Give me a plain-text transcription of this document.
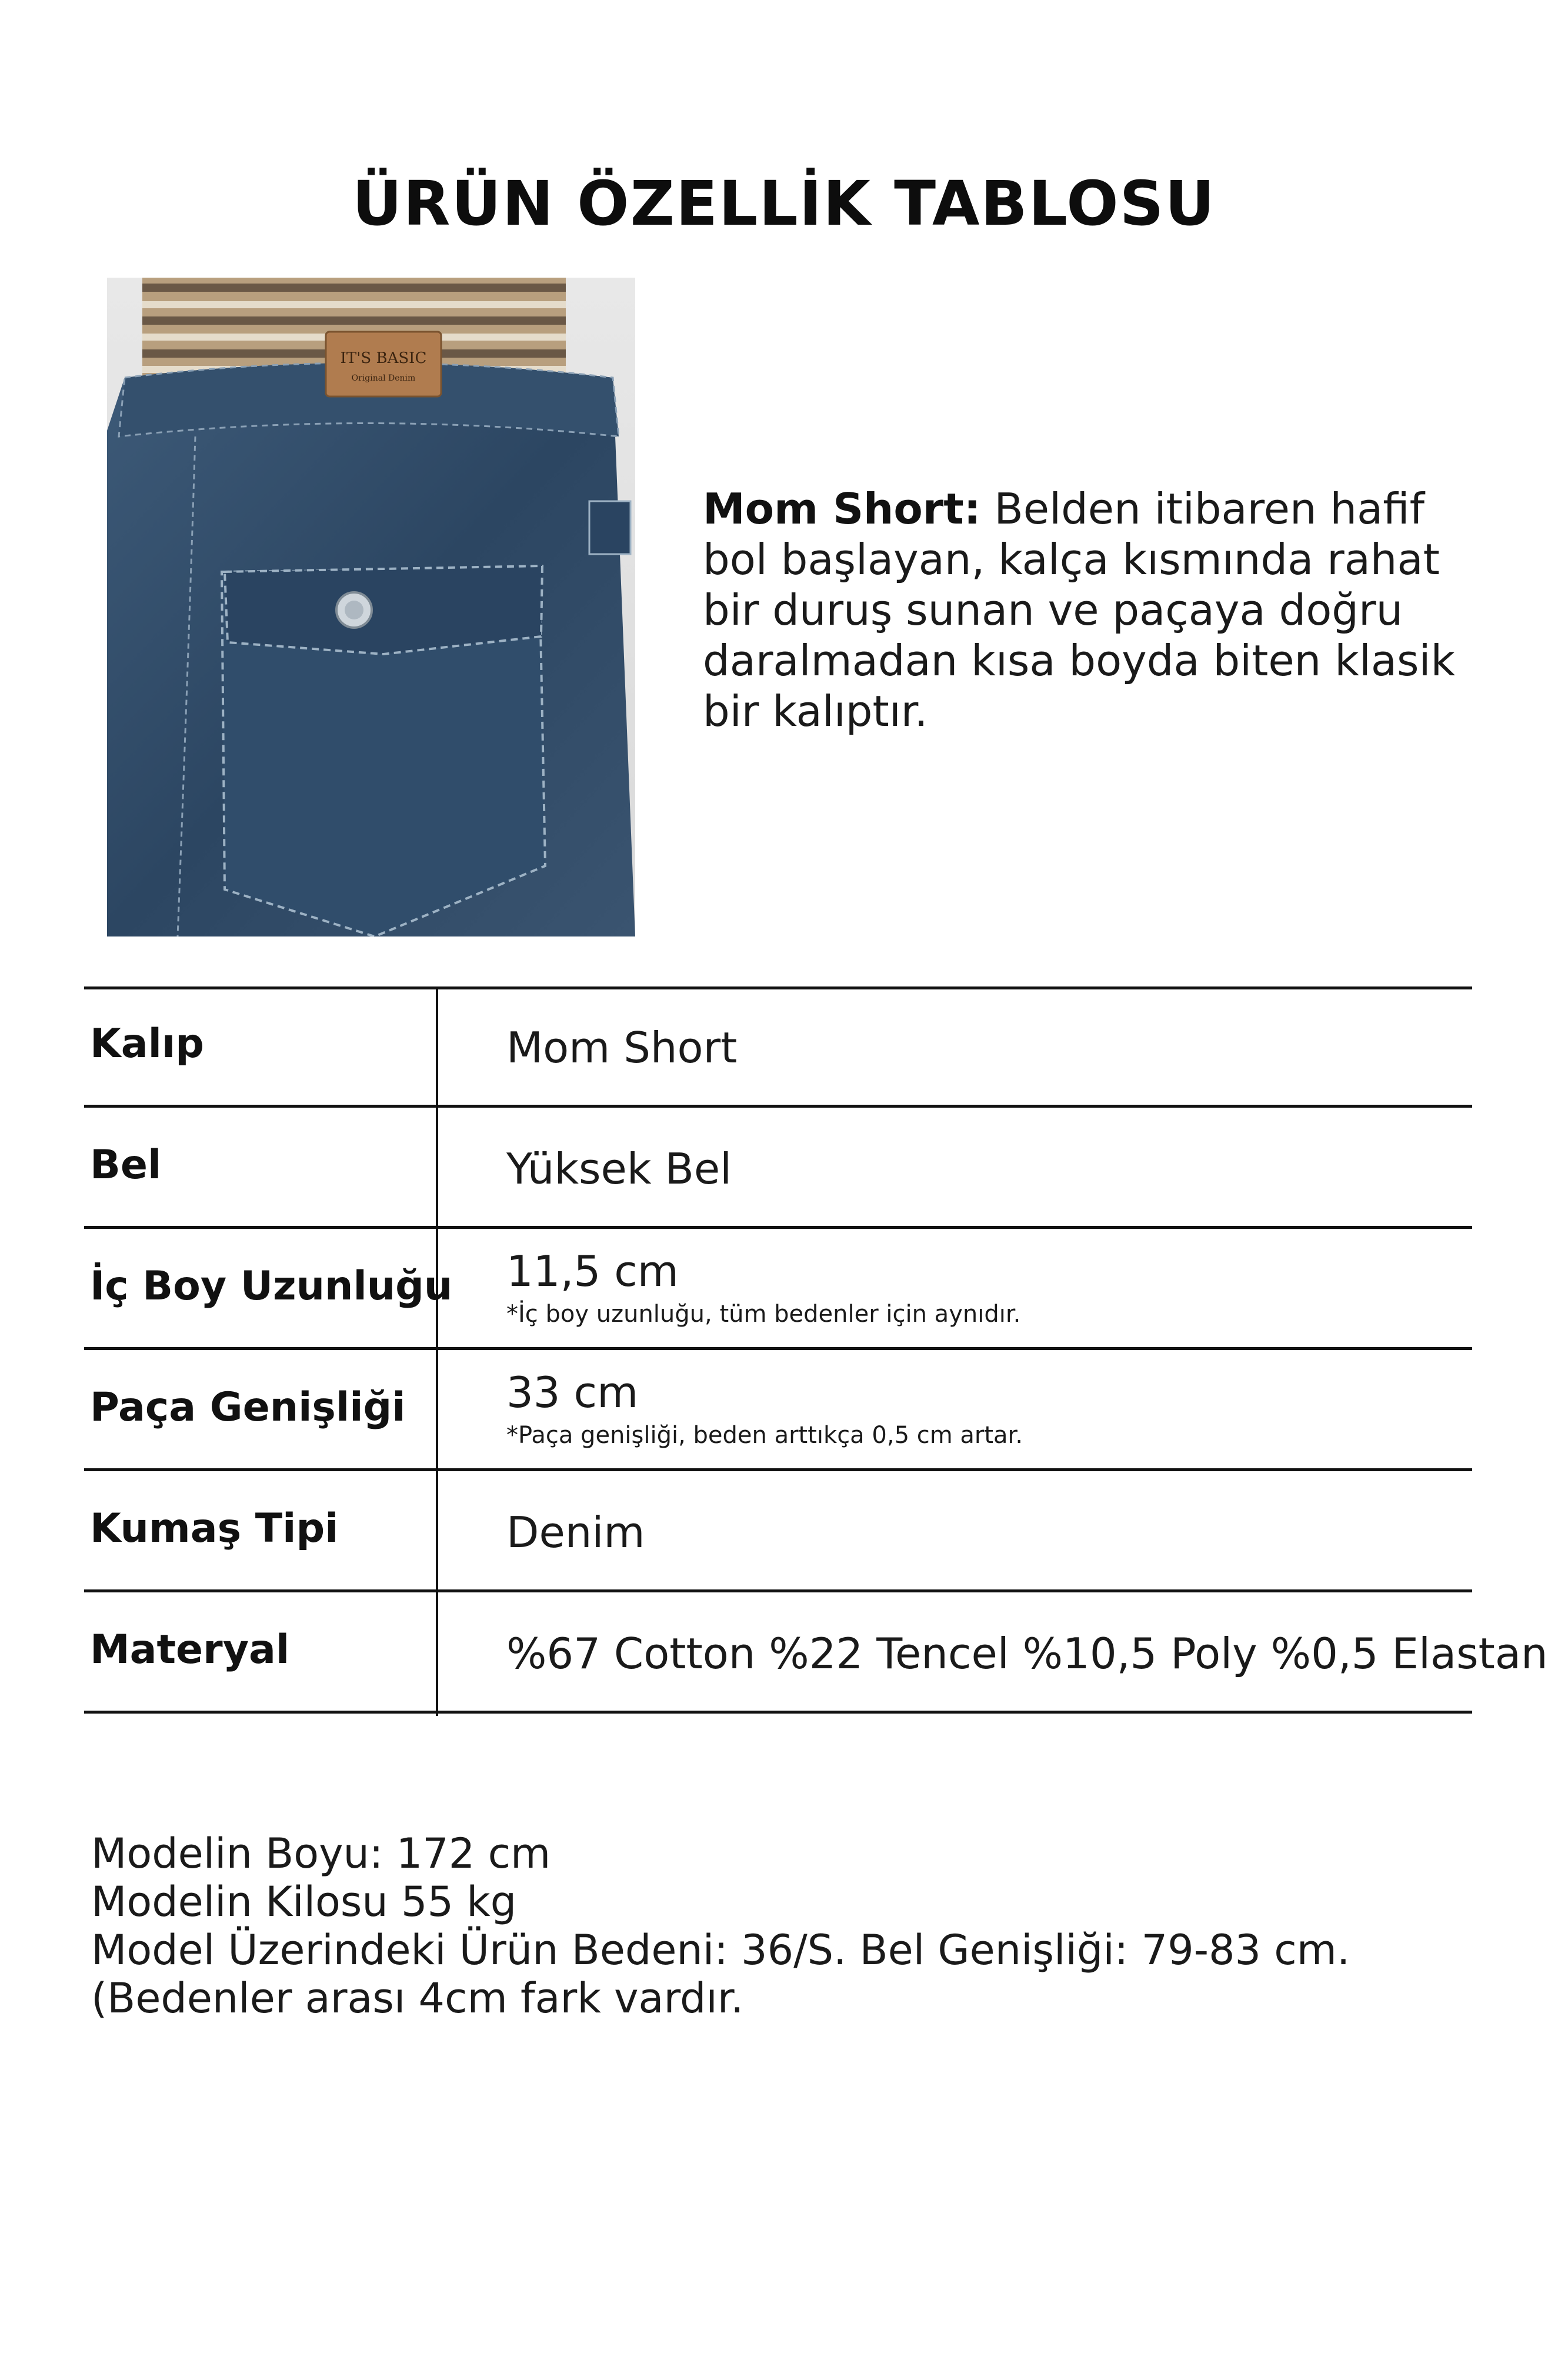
ÜRÜN ÖZELLİK TABLOSU
IT'S BASIC
Original Denim
Mom Short: Belden itibaren hafif bol başlayan, kalça kısmında rahat bir duruş sunan ve paçaya doğru daralmadan kısa boyda biten klasik bir kalıptır.
Kalıp	Mom Short
Bel	Yüksek Bel
İç Boy Uzunluğu 11,5 cm
*İç boy uzunluğu, tüm bedenler için aynıdır.
Paça Genişliği 33 cm
*Paça genişliği, beden arttıkça 0,5 cm artar.
Kumaş Tipi	Denim
Materyal	%67 Cotton %22 Tencel %10,5 Poly %0,5 Elastan
Modelin Boyu: 172 cm
Modelin Kilosu 55 kg
Model Üzerindeki Ürün Bedeni: 36/S. Bel Genişliği: 79-83 cm. (Bedenler arası 4cm fark vardır.
